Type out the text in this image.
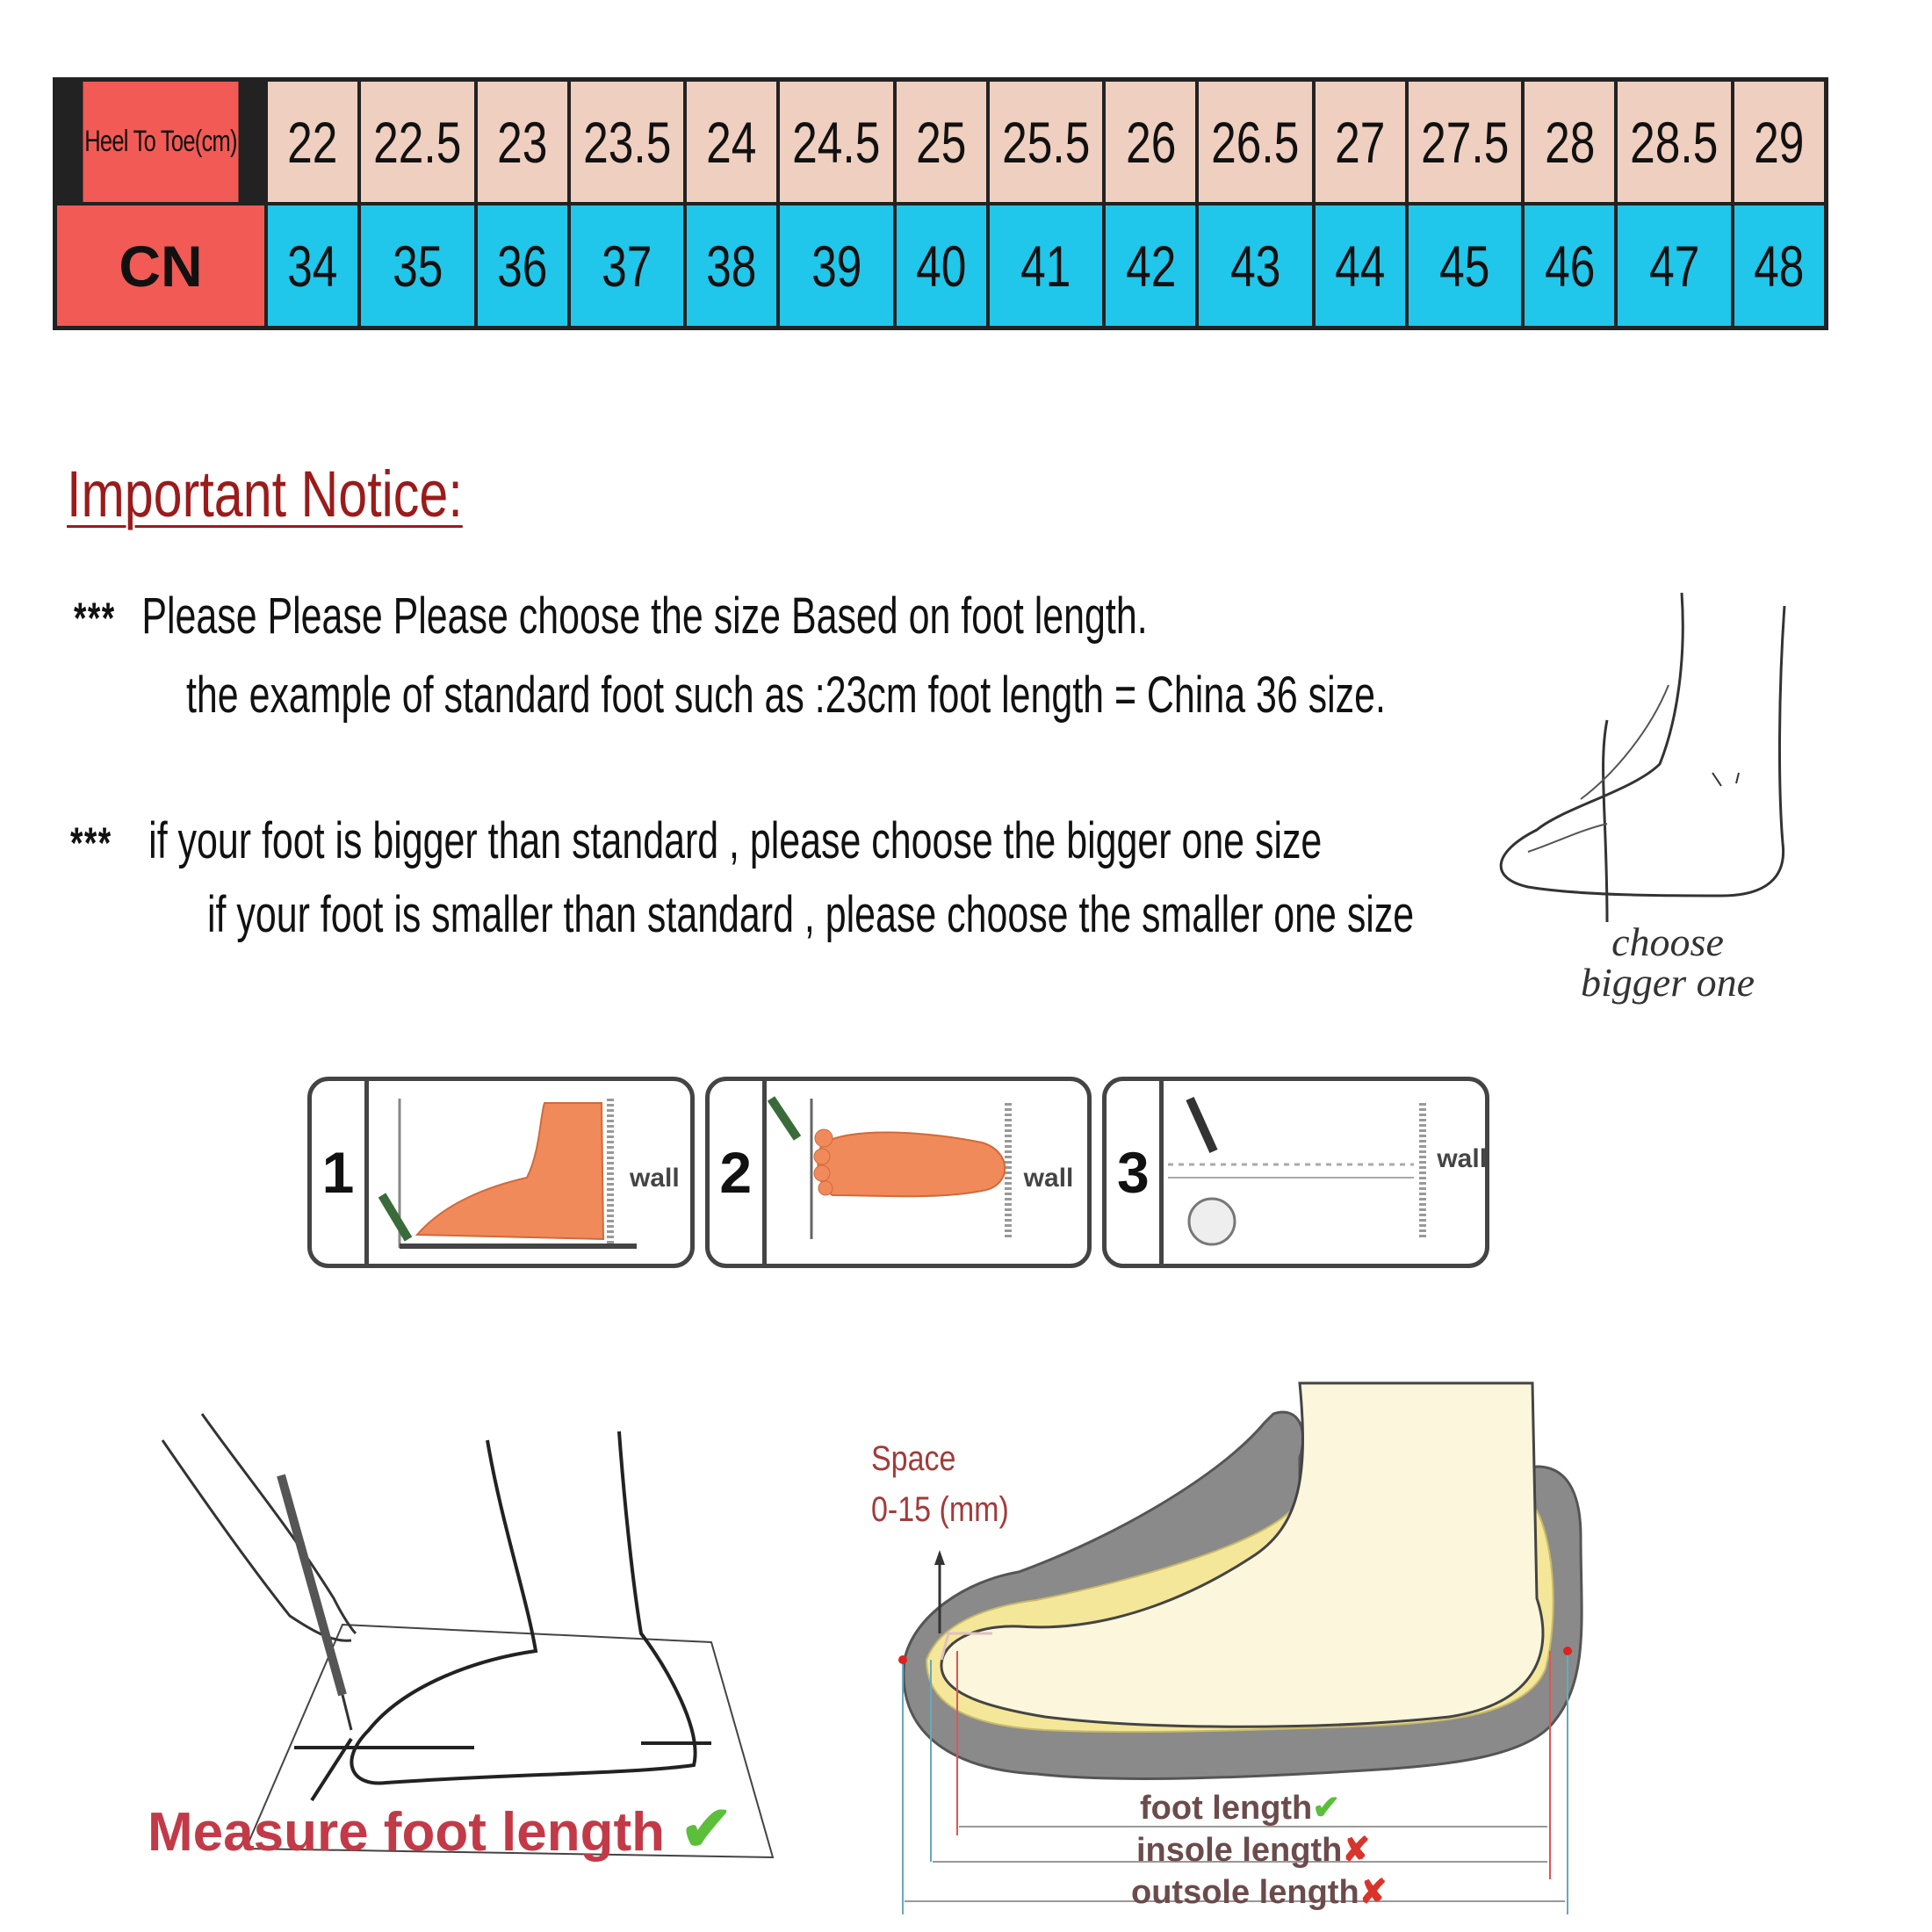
Heel To Toe(cm) 22 22.5 23 23.5 24 24.5 25 25.5 26 26.5 27 27.5 28 28.5 29
CN	34 35 36 37 38 39 40 41 42 43 44 45 46 47 48
Important Notice:
*** Please Please Please choose the size Based on foot length.
the example of standard foot such as :23cm foot length = China 36 size.
*** if your foot is bigger than standard , please choose the bigger one size
if your foot is smaller than standard , please choose the smaller one size	choose
bigger one
1	wall 2	wall 3	wall
Measure foot length ✔
Space
0-15 (mm)
foot length✔
insole length✘
outsole length✘
